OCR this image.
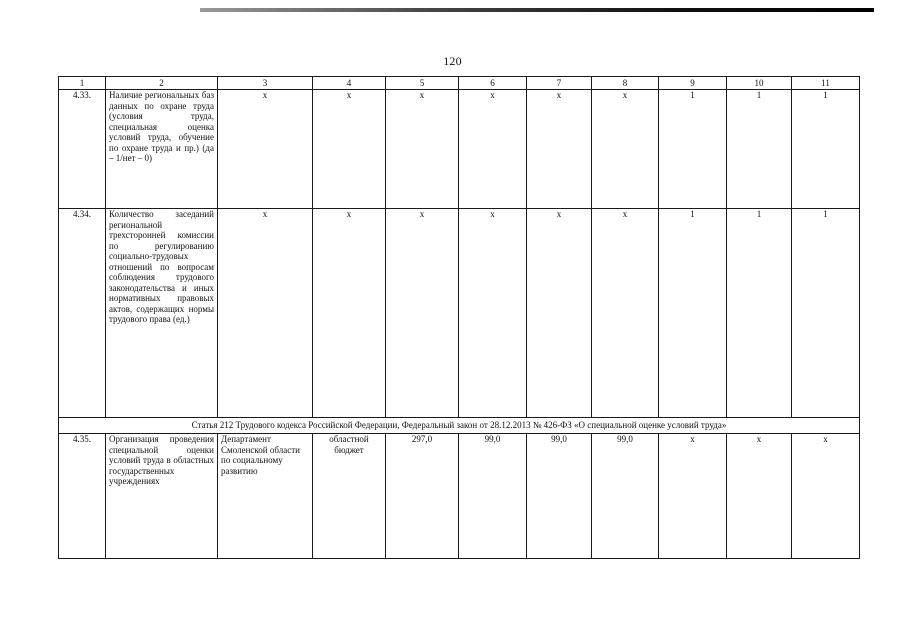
120
1	2	3	4	5	6	7	8	9	10	11
4.33.	Наличие региональных баз данных по охране труда (условия труда, специальная оценка условий труда, обучение по охране труда и пр.) (да – 1/нет – 0)	x	x	x	x	x	x	1	1	1
4.34.	Количество заседаний региональной трехсторонней комиссии по регулированию социально-трудовых отношений по вопросам соблюдения трудового законодательства и иных нормативных правовых актов, содержащих нормы трудового права (ед.)	x	x	x	x	x	x	1	1	1
Статья 212 Трудового кодекса Российской Федерации, Федеральный закон от 28.12.2013 № 426-ФЗ «О специальной оценке условий труда»										
4.35.	Организация проведения специальной оценки условий труда в областных государственных учреждениях	Департамент Смоленской области по социальному развитию	областной бюджет	297,0	99,0	99,0	99,0	x	x	x
